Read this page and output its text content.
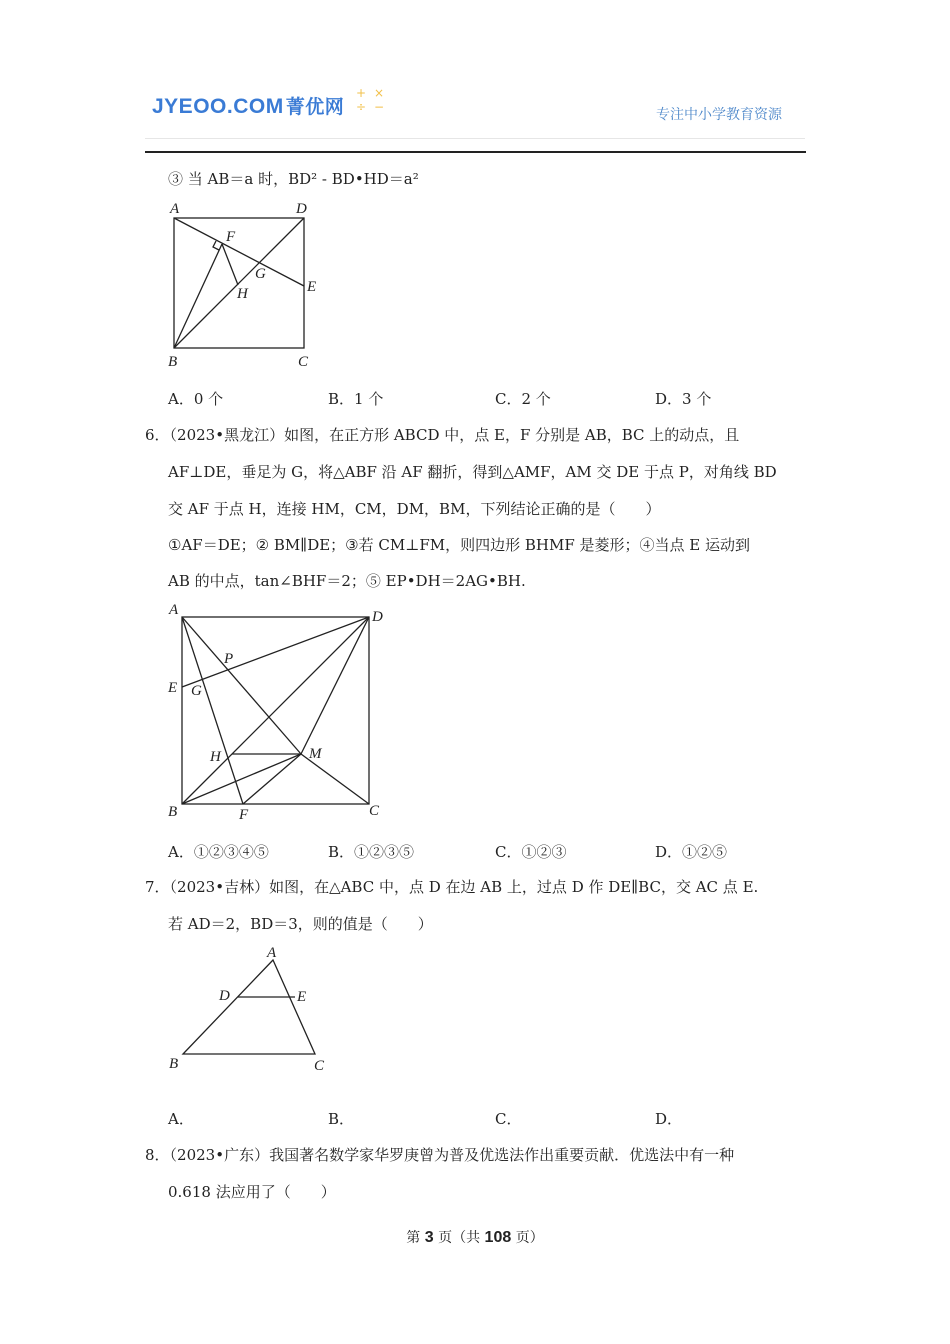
JYEOO.COM 菁优网
+ ×÷ −	专注中小学教育资源
③ 当 AB＝a 时，BD² - BD•HD＝a²
A	D
F
G
E
H
B	C
A．0 个	B．1 个	C．2 个	D．3 个
6．（2023•黑龙江）如图，在正方形 ABCD 中，点 E，F 分别是 AB，BC 上的动点，且
AF⊥DE，垂足为 G，将△ABF 沿 AF 翻折，得到△AMF，AM 交 DE 于点 P，对角线 BD
交 AF 于点 H，连接 HM，CM，DM，BM，下列结论正确的是（　　）
①AF＝DE；② BM∥DE；③若 CM⊥FM，则四边形 BHMF 是菱形；④当点 E 运动到
AB 的中点，tan∠BHF＝2；⑤ EP•DH＝2AG•BH.
A	D
P
E G
H	M
B	F	C
A．①②③④⑤	B．①②③⑤	C．①②③	D．①②⑤
7．（2023•吉林）如图，在△ABC 中，点 D 在边 AB 上，过点 D 作 DE∥BC，交 AC 点 E.
若 AD＝2，BD＝3，则的值是（　　）
A
D	E
B	C
A．	B．	C．	D．
8．（2023•广东）我国著名数学家华罗庚曾为普及优选法作出重要贡献．优选法中有一种
0.618 法应用了（　　）
第 3 页（共 108 页）
